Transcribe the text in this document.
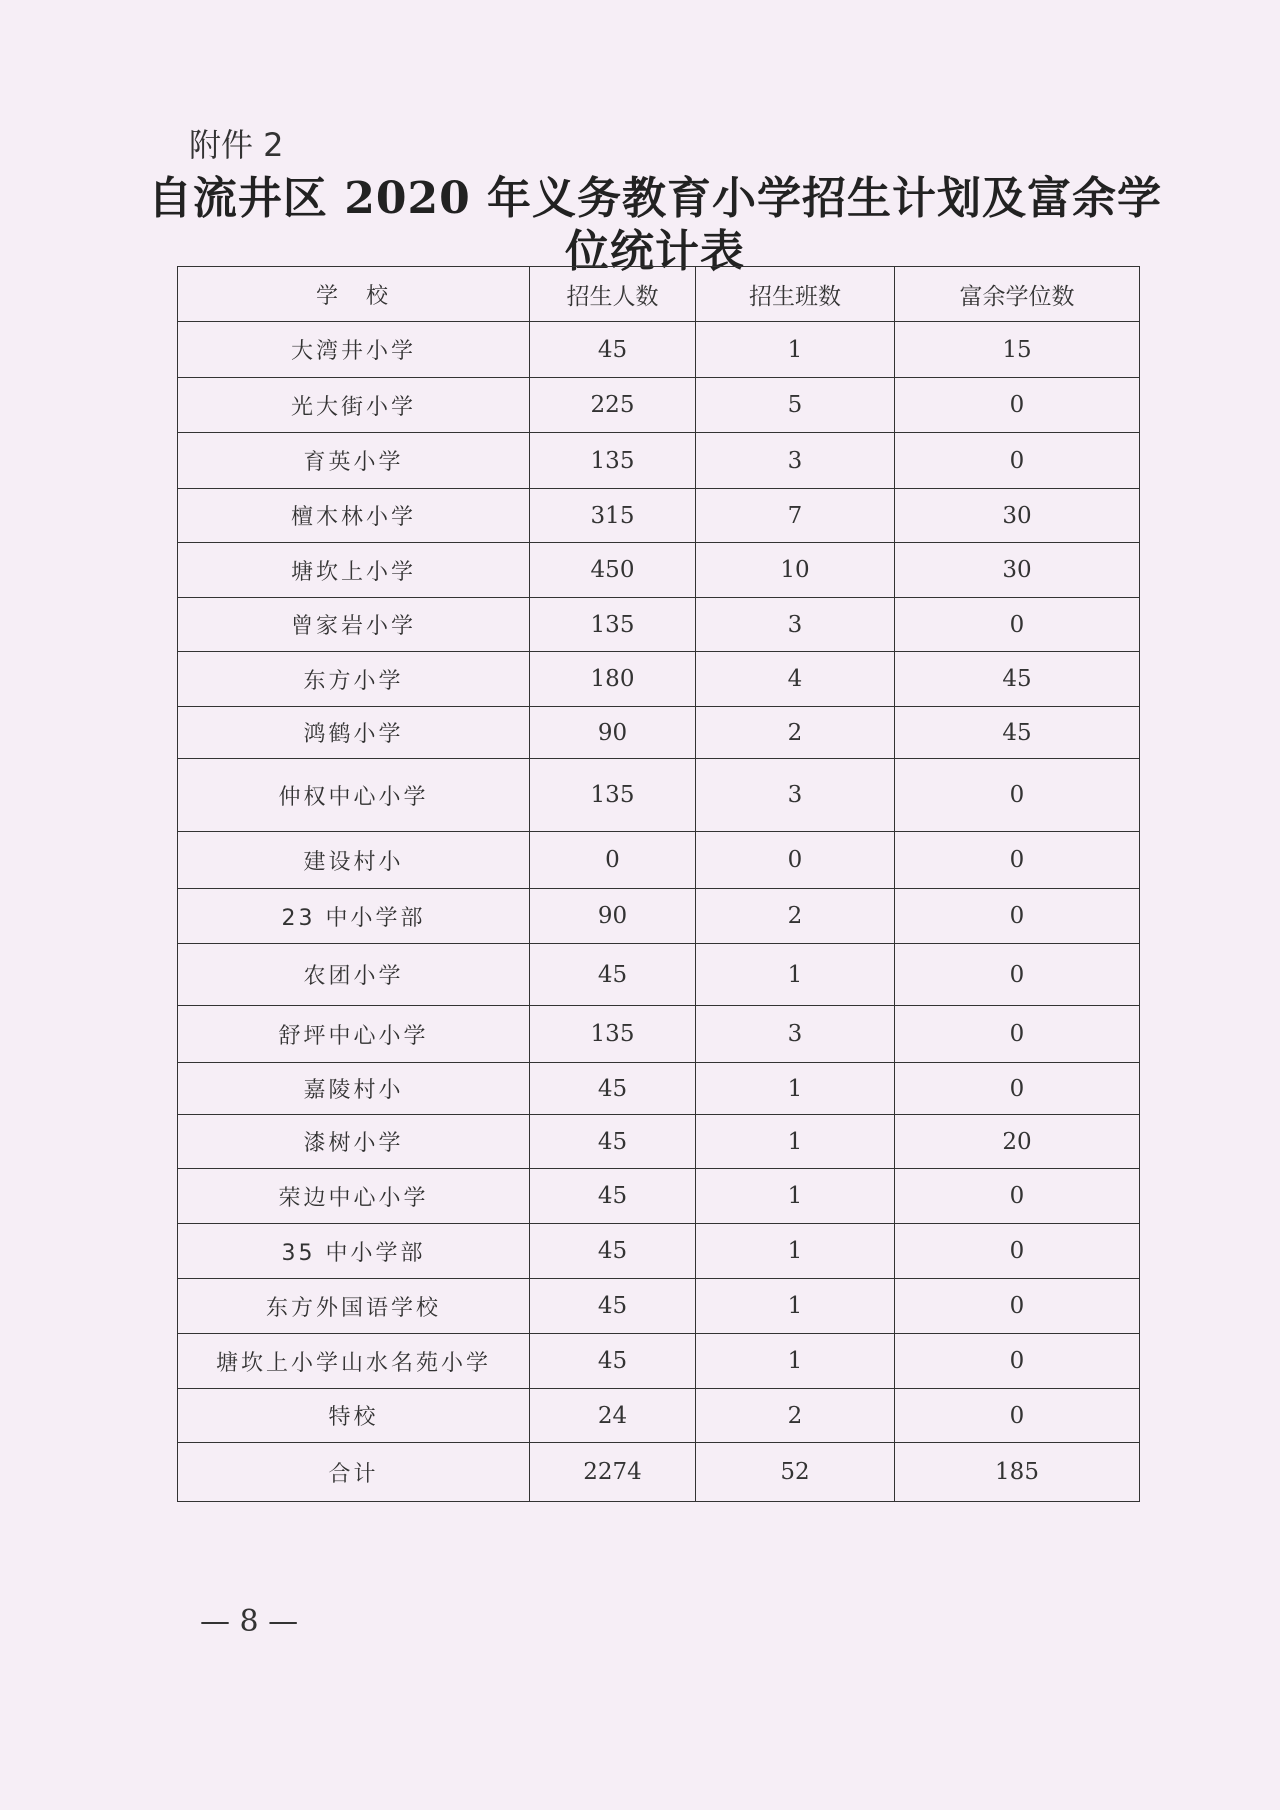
附件 2
自流井区 2020 年义务教育小学招生计划及富余学
位统计表
学　校	招生人数	招生班数	富余学位数
大湾井小学	45	1	15
光大街小学	225	5	0
育英小学	135	3	0
檀木林小学	315	7	30
塘坎上小学	450	10	30
曾家岩小学	135	3	0
东方小学	180	4	45
鸿鹤小学	90	2	45
仲权中心小学	135	3	0
建设村小	0	0	0
23 中小学部	90	2	0
农团小学	45	1	0
舒坪中心小学	135	3	0
嘉陵村小	45	1	0
漆树小学	45	1	20
荣边中心小学	45	1	0
35 中小学部	45	1	0
东方外国语学校	45	1	0
塘坎上小学山水名苑小学	45	1	0
特校	24	2	0
合计	2274	52	185
— 8 —
